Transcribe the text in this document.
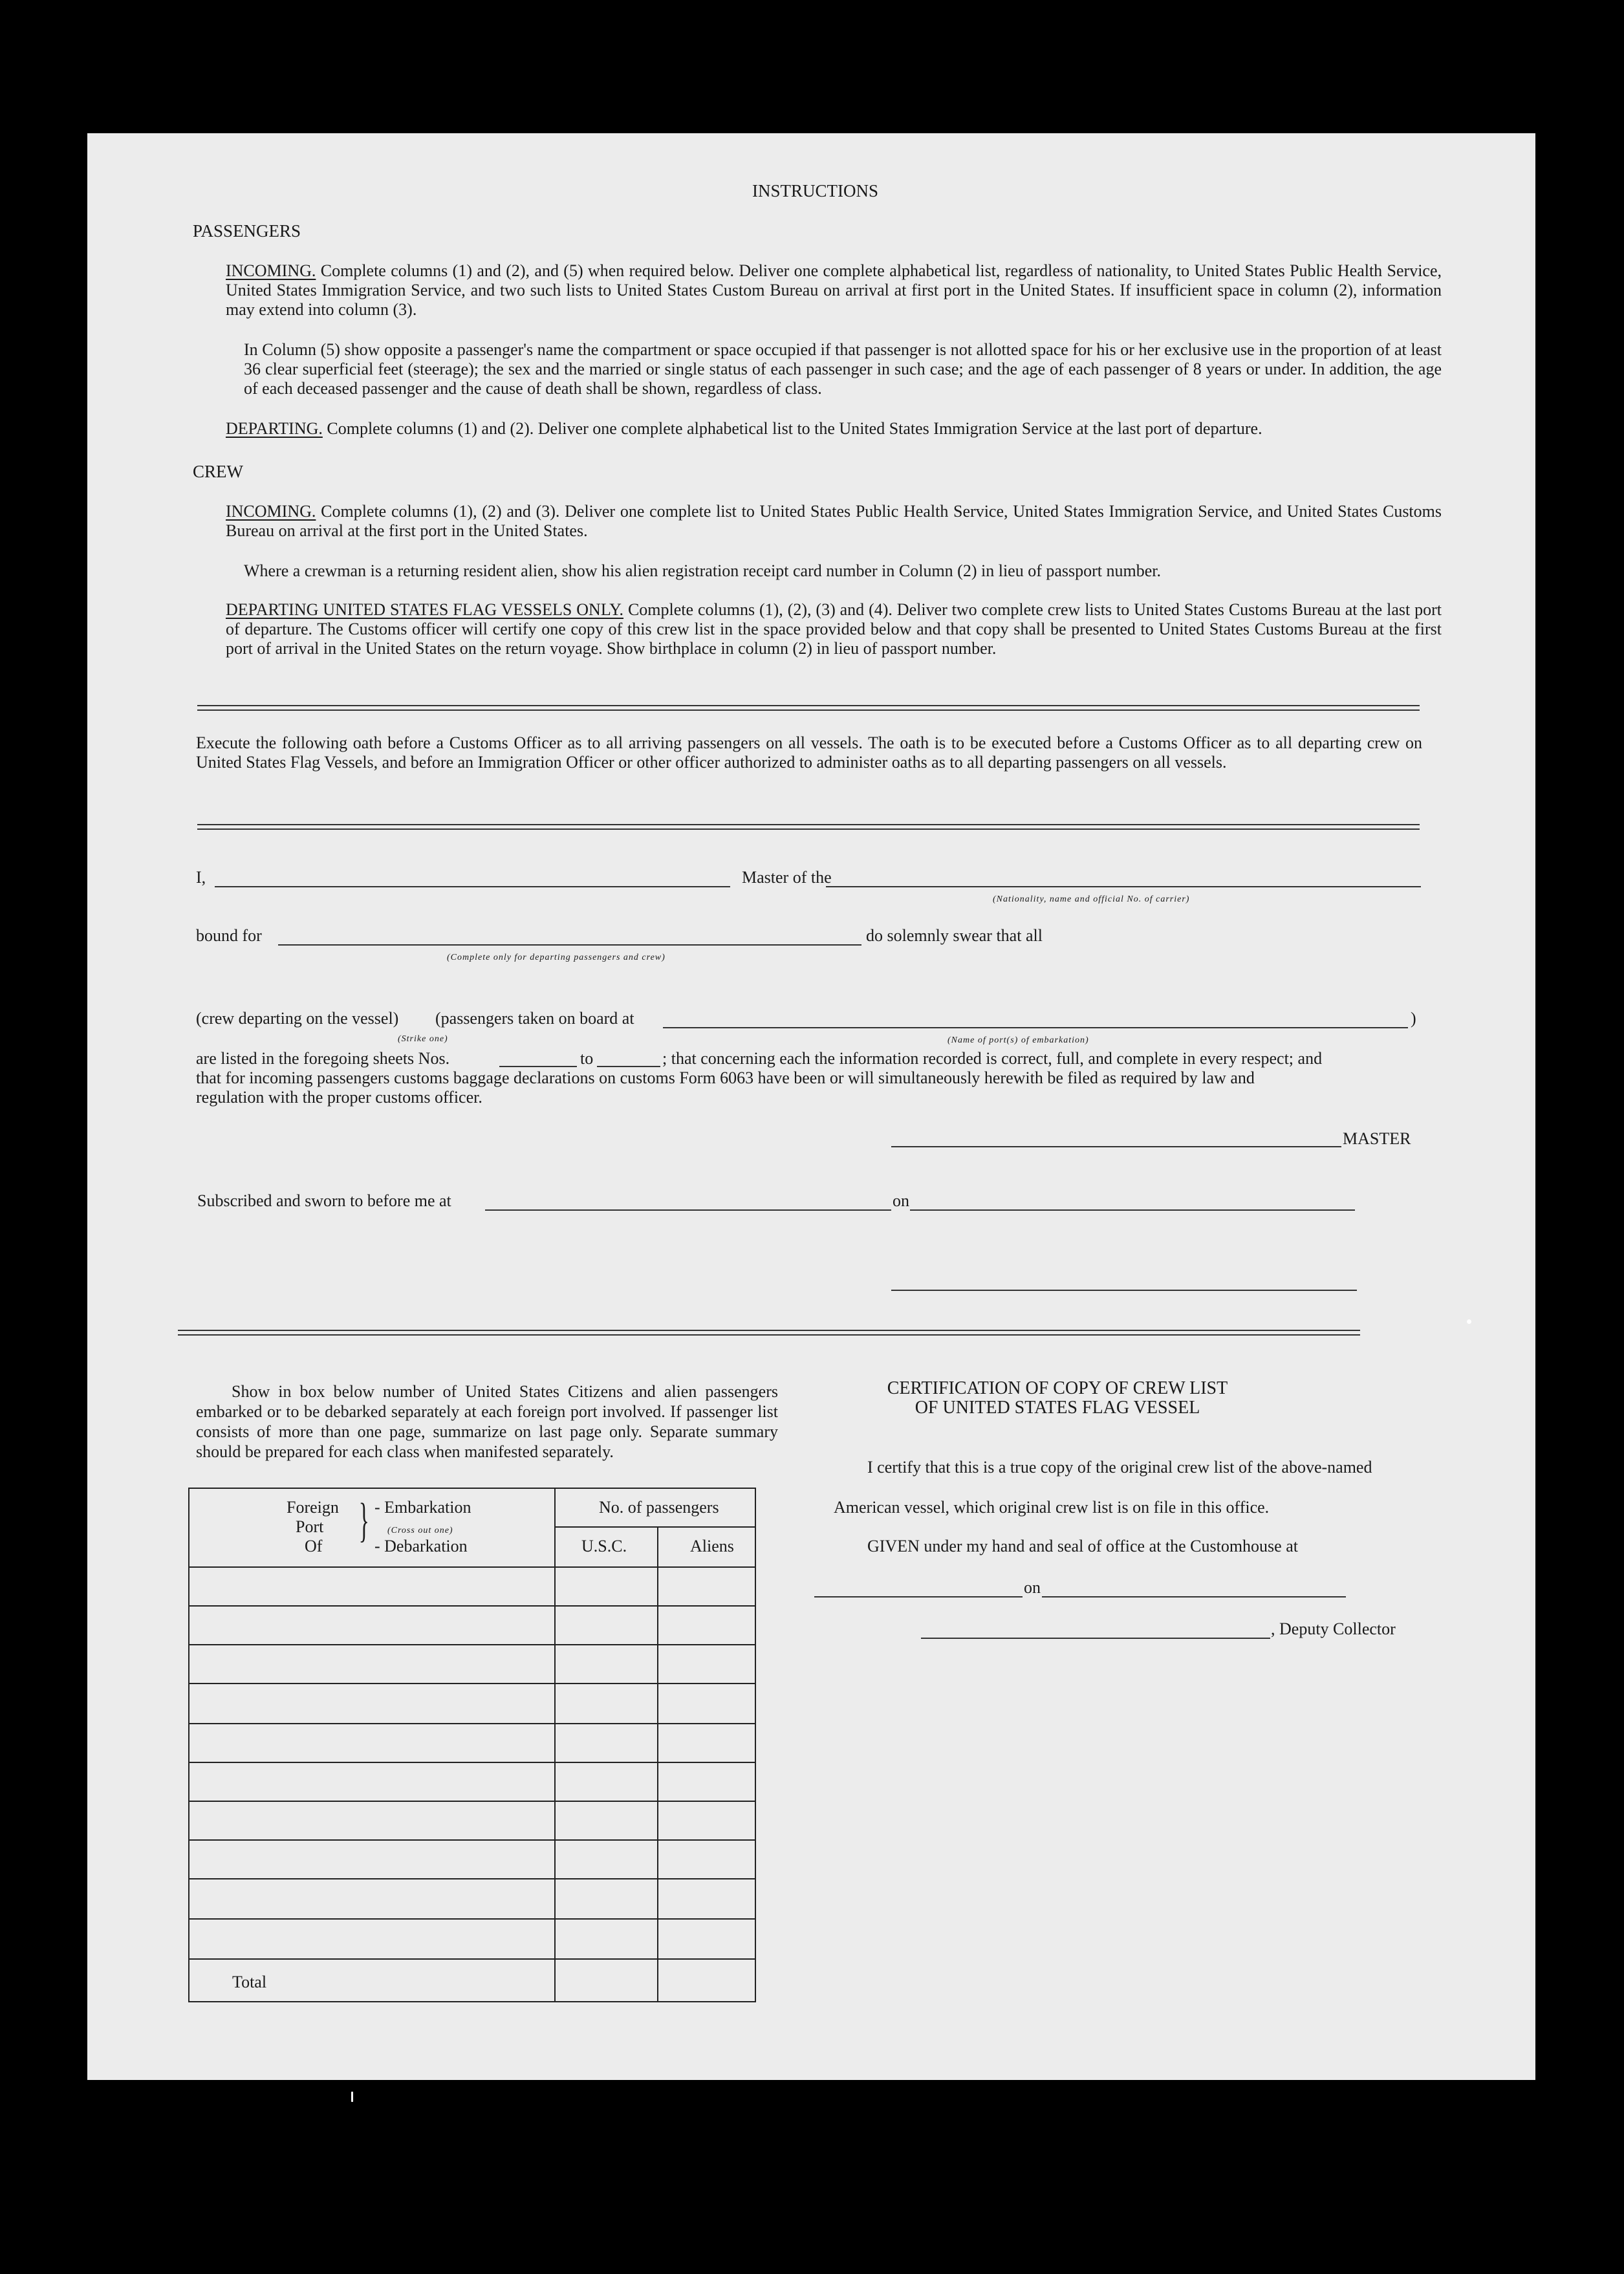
INSTRUCTIONS
PASSENGERS
INCOMING. Complete columns (1) and (2), and (5) when required below. Deliver one complete alphabetical list, regardless of nationality, to United States Public Health Service, United States Immigration Service, and two such lists to United States Custom Bureau on arrival at first port in the United States. If insufficient space in column (2), information may extend into column (3).
In Column (5) show opposite a passenger's name the compartment or space occupied if that passenger is not allotted space for his or her exclusive use in the proportion of at least 36 clear superficial feet (steerage); the sex and the married or single status of each passenger in such case; and the age of each passenger of 8 years or under. In addition, the age of each deceased passenger and the cause of death shall be shown, regardless of class.
DEPARTING. Complete columns (1) and (2). Deliver one complete alphabetical list to the United States Immigration Service at the last port of departure.
CREW
INCOMING. Complete columns (1), (2) and (3). Deliver one complete list to United States Public Health Service, United States Immigration Service, and United States Customs Bureau on arrival at the first port in the United States.
Where a crewman is a returning resident alien, show his alien registration receipt card number in Column (2) in lieu of passport number.
DEPARTING UNITED STATES FLAG VESSELS ONLY. Complete columns (1), (2), (3) and (4). Deliver two complete crew lists to United States Customs Bureau at the last port of departure. The Customs officer will certify one copy of this crew list in the space provided below and that copy shall be presented to United States Customs Bureau at the first port of arrival in the United States on the return voyage. Show birthplace in column (2) in lieu of passport number.
Execute the following oath before a Customs Officer as to all arriving passengers on all vessels. The oath is to be executed before a Customs Officer as to all departing crew on United States Flag Vessels, and before an Immigration Officer or other officer authorized to administer oaths as to all departing passengers on all vessels.
I,	Master of the
(Nationality, name and official No. of carrier)
bound for	do solemnly swear that all
(Complete only for departing passengers and crew)
(crew departing on the vessel)
(Strike one)
(passengers taken on board at	)
(Name of port(s) of embarkation)
are listed in the foregoing sheets Nos.	to	; that concerning each the information recorded is correct, full, and complete in every respect; and
that for incoming passengers customs baggage declarations on customs Form 6063 have been or will simultaneously herewith be filed as required by law and
regulation with the proper customs officer.
MASTER
Subscribed and sworn to before me at	on
Show in box below number of United States Citizens and alien passengers embarked or to be debarked separately at each foreign port involved. If passenger list consists of more than one page, summarize on last page only. Separate summary should be prepared for each class when manifested separately.
Foreign
Port
Of } - Embarkation
(Cross out one)
- Debarkation
No. of passengers
U.S.C.	Aliens
Total
CERTIFICATION OF COPY OF CREW LIST
OF UNITED STATES FLAG VESSEL
I certify that this is a true copy of the original crew list of the above-named
American vessel, which original crew list is on file in this office.
GIVEN under my hand and seal of office at the Customhouse at
on
, Deputy Collector
